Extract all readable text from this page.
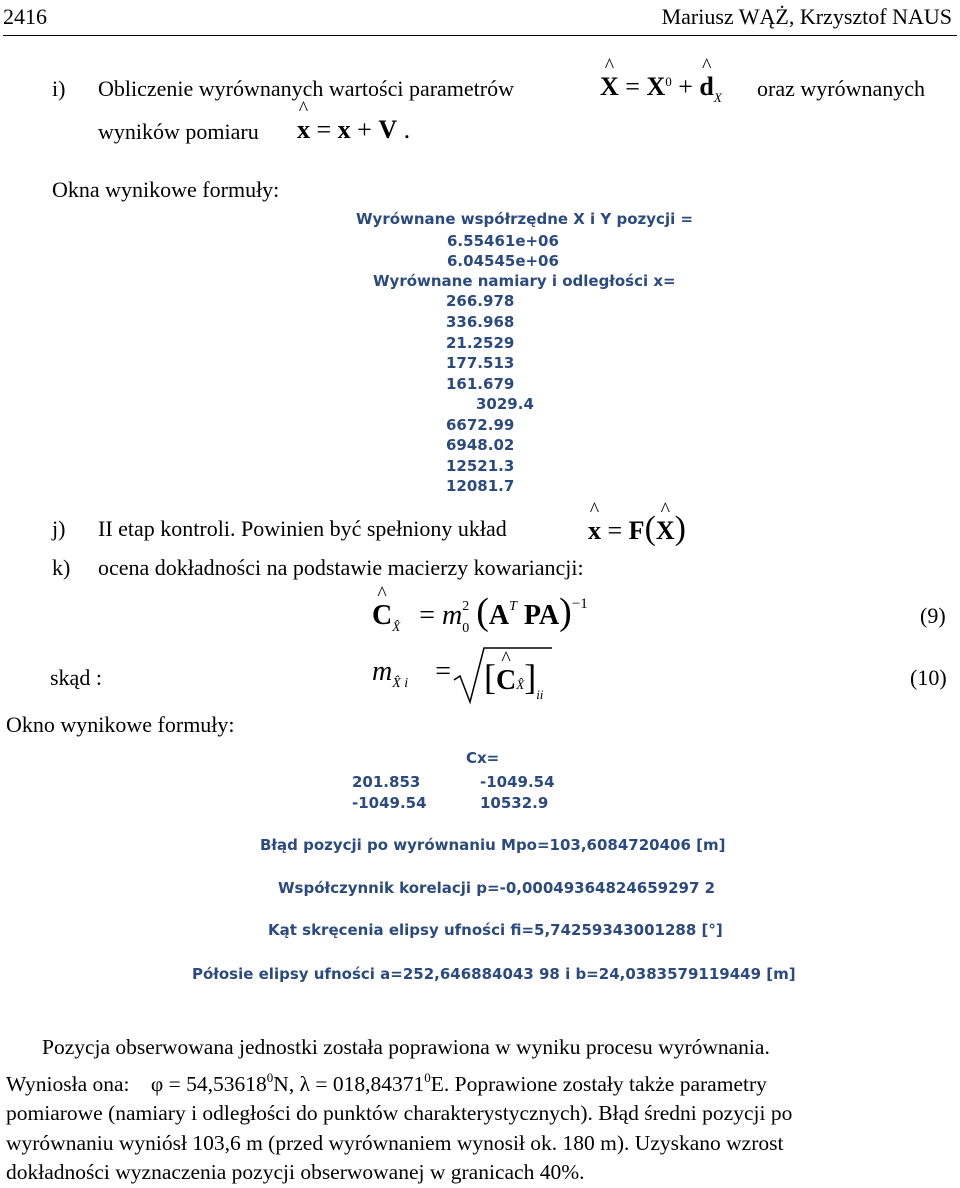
2416	Mariusz WĄŻ, Krzysztof NAUS
i) Obliczenie wyrównanych wartości parametrów	^ $X = X^0$ + ^ $d_X$ oraz wyrównanych
wyników pomiaru ^ x = x + V .
Okna wynikowe formuły:
Wyrównane współrzędne X i Y pozycji =
6.55461e+06
6.04545e+06
Wyrównane namiary i odległości x=
266.978
336.968
21.2529
177.513
161.679
3029.4
6672.99
6948.02
12521.3
12081.7
j) II etap kontroli. Powinien być spełniony układ	^ x = F(^ X)
k) ocena dokładności na podstawie macierzy kowariancji:
^ $C_{X̂} = m^2_0$ ($A^T$ PA)$^{-1}$	(9)
skąd :	$m_{X̂ i}$ = [^ $CX̂]_{ii}$
(10)
Okno wynikowe formuły:
Cx=
201.853	-1049.54
-1049.54	10532.9
Błąd pozycji po wyrównaniu Mpo=103,6084720406 [m]
Współczynnik korelacji p=-0,00049364824659297 2
Kąt skręcenia elipsy ufności fi=5,74259343001288 [°]
Półosie elipsy ufności a=252,646884043 98 i b=24,0383579119449 [m]

Pozycja obserwowana jednostki została poprawiona w wyniku procesu wyrównania.

Wyniosła ona: $\varphi = 54,53618^0N$, $\lambda = 018,84371^0E$. Poprawione zostały także parametry

pomiarowe (namiary i odległości do punktów charakterystycznych). Błąd średni pozycji po

wyrównaniu wyniósł 103,6 m (przed wyrównaniem wynosił ok. 180 m). Uzyskano wzrost

dokładności wyznaczenia pozycji obserwowanej w granicach 40%.
